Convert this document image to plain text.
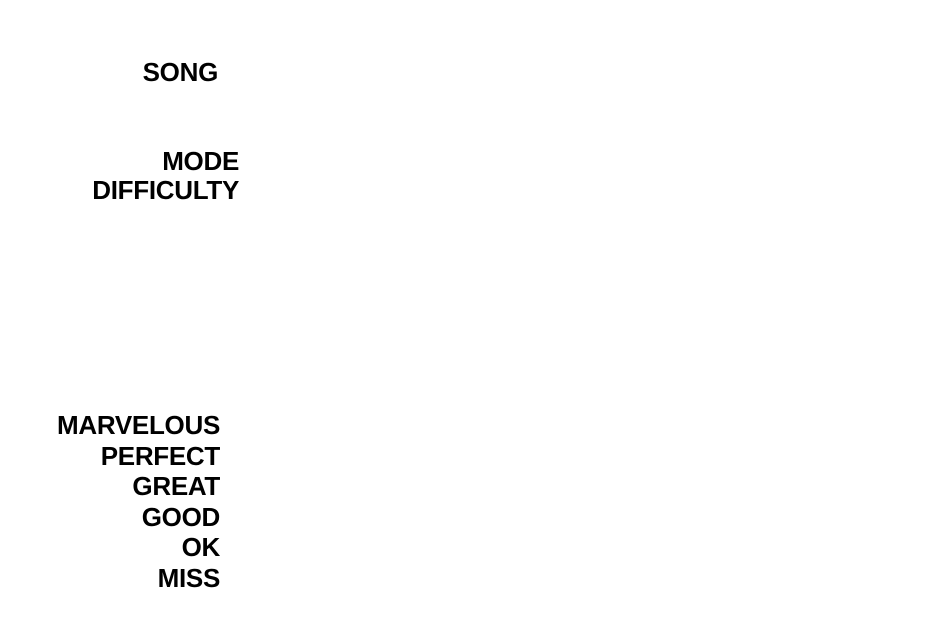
SONG
MODE
DIFFICULTY
MARVELOUS
PERFECT
GREAT
GOOD
OK
MISS
